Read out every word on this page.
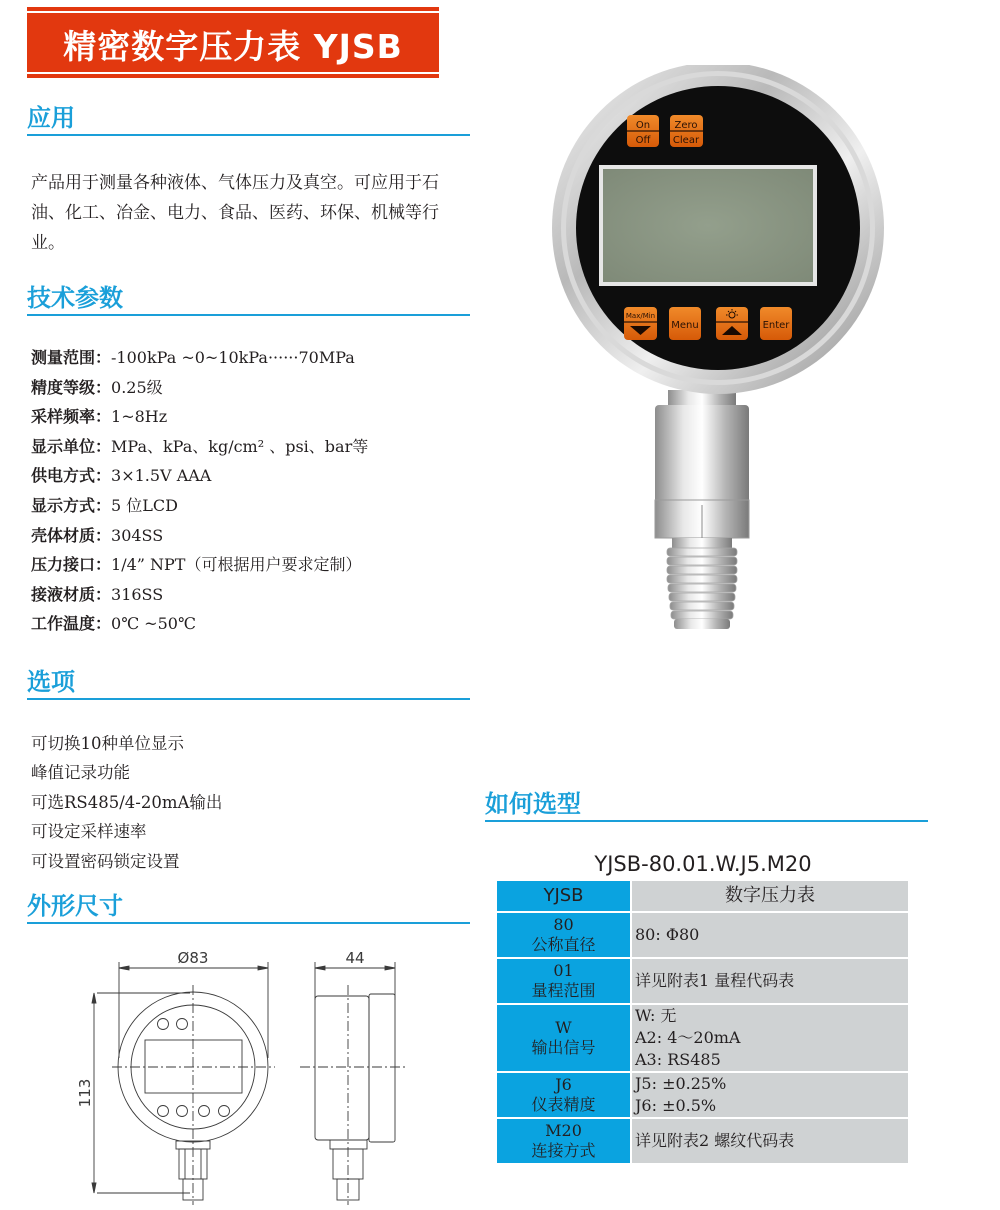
精密数字压力表 YJSB
应用
产品用于测量各种液体、气体压力及真空。可应用于石油、化工、冶金、电力、食品、医药、环保、机械等行业。
技术参数
测量范围：-100kPa ~0~10kPa······70MPa
精度等级：0.25级
采样频率：1~8Hz
显示单位：MPa、kPa、kg/cm² 、psi、bar等
供电方式：3×1.5V AAA
显示方式：5 位LCD
壳体材质：304SS
压力接口：1/4” NPT（可根据用户要求定制）
接液材质：316SS
工作温度：0℃ ~50℃
选项
可切换10种单位显示
峰值记录功能
可选RS485/4-20mA输出
可设定采样速率
可设置密码锁定设置
外形尺寸
Ø83	44
113
On
Off
Zero
Clear
Max/Min
Menu	Enter
如何选型
YJSB-80.01.W.J5.M20
YJSB	数字压力表

80
公称直径	80: Φ80

01
量程范围	详见附表1 量程代码表

W
输出信号	W: 无
A2: 4～20mA
A3: RS485

J6
仪表精度	J5: ±0.25%
J6: ±0.5%

M20
连接方式	详见附表2 螺纹代码表
